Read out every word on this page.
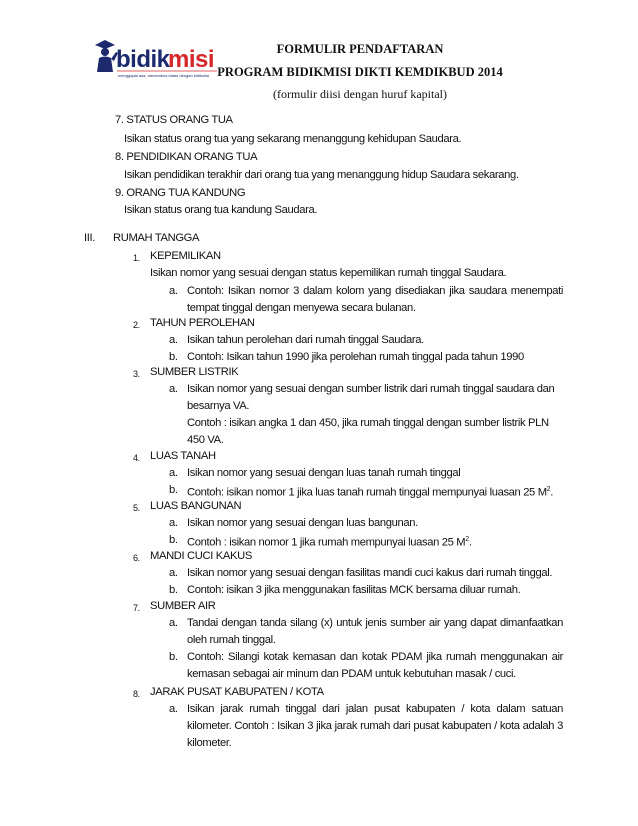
bidik
misi
menggapai asa, menembus batas dengan bidikmisi
FORMULIR PENDAFTARAN
PROGRAM BIDIKMISI DIKTI KEMDIKBUD 2014
(formulir diisi dengan huruf kapital)
7. STATUS ORANG TUA
Isikan status orang tua yang sekarang menanggung kehidupan Saudara.
8. PENDIDIKAN ORANG TUA
Isikan pendidikan terakhir dari orang tua yang menanggung hidup Saudara sekarang.
9. ORANG TUA KANDUNG
Isikan status orang tua kandung Saudara.
III. RUMAH TANGGA
1. KEPEMILIKAN
Isikan nomor yang sesuai dengan status kepemilikan rumah tinggal Saudara.
a. Contoh: Isikan nomor 3 dalam kolom yang disediakan jika saudara menempati
tempat tinggal dengan menyewa secara bulanan.
2. TAHUN PEROLEHAN
a. Isikan tahun perolehan dari rumah tinggal Saudara.
b. Contoh: Isikan tahun 1990 jika perolehan rumah tinggal pada tahun 1990
3. SUMBER LISTRIK
a. Isikan nomor yang sesuai dengan sumber listrik dari rumah tinggal saudara dan
besarnya VA.
Contoh : isikan angka 1 dan 450, jika rumah tinggal dengan sumber listrik PLN
450 VA.
4. LUAS TANAH
a. Isikan nomor yang sesuai dengan luas tanah rumah tinggal
b. Contoh: isikan nomor 1 jika luas tanah rumah tinggal mempunyai luasan 25 $M^2$.
5. LUAS BANGUNAN
a. Isikan nomor yang sesuai dengan luas bangunan.
b. Contoh : isikan nomor 1 jika rumah mempunyai luasan 25 $M^2$.
6. MANDI CUCI KAKUS
a. Isikan nomor yang sesuai dengan fasilitas mandi cuci kakus dari rumah tinggal.
b. Contoh: isikan 3 jika menggunakan fasilitas MCK bersama diluar rumah.
7. SUMBER AIR
a. Tandai dengan tanda silang (x) untuk jenis sumber air yang dapat dimanfaatkan
oleh rumah tinggal.
b. Contoh: Silangi kotak kemasan dan kotak PDAM jika rumah menggunakan air
kemasan sebagai air minum dan PDAM untuk kebutuhan masak / cuci.
8. JARAK PUSAT KABUPATEN / KOTA
a. Isikan jarak rumah tinggal dari jalan pusat kabupaten / kota dalam satuan
kilometer. Contoh : Isikan 3 jika jarak rumah dari pusat kabupaten / kota adalah 3
kilometer.
